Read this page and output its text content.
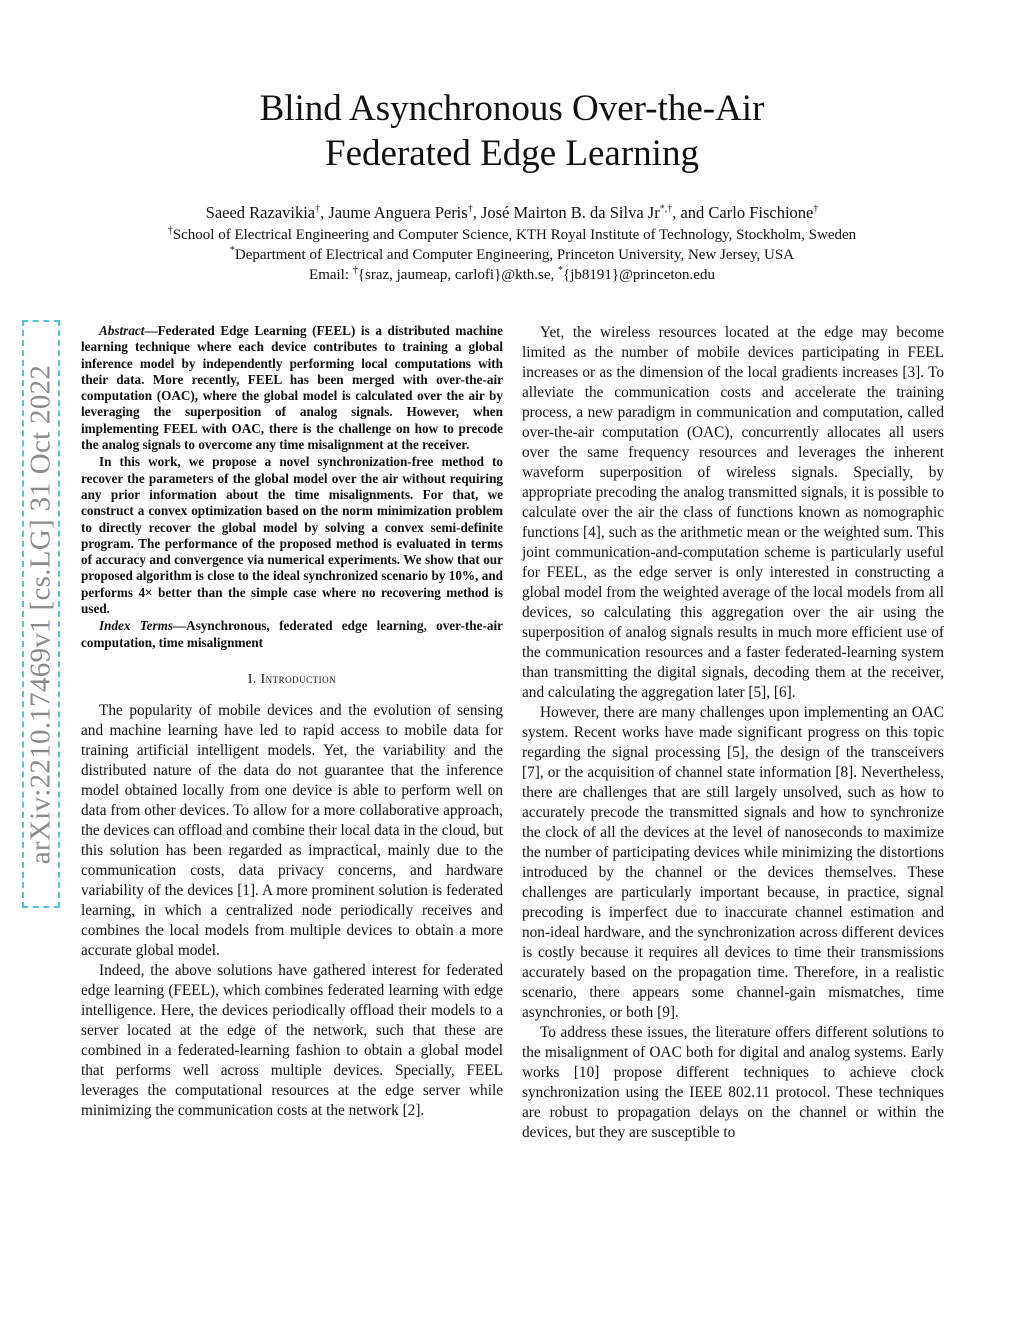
Blind Asynchronous Over-the-Air
Federated Edge Learning
Saeed Razavikia†, Jaume Anguera Peris†, José Mairton B. da Silva Jr*,†, and Carlo Fischione†
†School of Electrical Engineering and Computer Science, KTH Royal Institute of Technology, Stockholm, Sweden
*Department of Electrical and Computer Engineering, Princeton University, New Jersey, USA
Email: †{sraz, jaumeap, carlofi}@kth.se, *{jb8191}@princeton.edu
arXiv:2210.17469v1 [cs.LG] 31 Oct 2022

Abstract—Federated Edge Learning (FEEL) is a distributed machine learning technique where each device contributes to training a global inference model by independently performing local computations with their data. More recently, FEEL has been merged with over-the-air computation (OAC), where the global model is calculated over the air by leveraging the superposition of analog signals. However, when implementing FEEL with OAC, there is the challenge on how to precode the analog signals to overcome any time misalignment at the receiver.

In this work, we propose a novel synchronization-free method to recover the parameters of the global model over the air without requiring any prior information about the time misalignments. For that, we construct a convex optimization based on the norm minimization problem to directly recover the global model by solving a convex semi-definite program. The performance of the proposed method is evaluated in terms of accuracy and convergence via numerical experiments. We show that our proposed algorithm is close to the ideal synchronized scenario by 10%, and performs 4× better than the simple case where no recovering method is used.

Index Terms—Asynchronous, federated edge learning, over-the-air computation, time misalignment

I. Introduction

The popularity of mobile devices and the evolution of sensing and machine learning have led to rapid access to mobile data for training artificial intelligent models. Yet, the variability and the distributed nature of the data do not guarantee that the inference model obtained locally from one device is able to perform well on data from other devices. To allow for a more collaborative approach, the devices can offload and combine their local data in the cloud, but this solution has been regarded as impractical, mainly due to the communication costs, data privacy concerns, and hardware variability of the devices [1]. A more prominent solution is federated learning, in which a centralized node periodically receives and combines the local models from multiple devices to obtain a more accurate global model.

Indeed, the above solutions have gathered interest for federated edge learning (FEEL), which combines federated learning with edge intelligence. Here, the devices periodically offload their models to a server located at the edge of the network, such that these are combined in a federated-learning fashion to obtain a global model that performs well across multiple devices. Specially, FEEL leverages the computational resources at the edge server while minimizing the communication costs at the network [2].

Yet, the wireless resources located at the edge may become limited as the number of mobile devices participating in FEEL increases or as the dimension of the local gradients increases [3]. To alleviate the communication costs and accelerate the training process, a new paradigm in communication and computation, called over-the-air computation (OAC), concurrently allocates all users over the same frequency resources and leverages the inherent waveform superposition of wireless signals. Specially, by appropriate precoding the analog transmitted signals, it is possible to calculate over the air the class of functions known as nomographic functions [4], such as the arithmetic mean or the weighted sum. This joint communication-and-computation scheme is particularly useful for FEEL, as the edge server is only interested in constructing a global model from the weighted average of the local models from all devices, so calculating this aggregation over the air using the superposition of analog signals results in much more efficient use of the communication resources and a faster federated-learning system than transmitting the digital signals, decoding them at the receiver, and calculating the aggregation later [5], [6].

However, there are many challenges upon implementing an OAC system. Recent works have made significant progress on this topic regarding the signal processing [5], the design of the transceivers [7], or the acquisition of channel state information [8]. Nevertheless, there are challenges that are still largely unsolved, such as how to accurately precode the transmitted signals and how to synchronize the clock of all the devices at the level of nanoseconds to maximize the number of participating devices while minimizing the distortions introduced by the channel or the devices themselves. These challenges are particularly important because, in practice, signal precoding is imperfect due to inaccurate channel estimation and non-ideal hardware, and the synchronization across different devices is costly because it requires all devices to time their transmissions accurately based on the propagation time. Therefore, in a realistic scenario, there appears some channel-gain mismatches, time asynchronies, or both [9].

To address these issues, the literature offers different solutions to the misalignment of OAC both for digital and analog systems. Early works [10] propose different techniques to achieve clock synchronization using the IEEE 802.11 protocol. These techniques are robust to propagation delays on the channel or within the devices, but they are susceptible to
